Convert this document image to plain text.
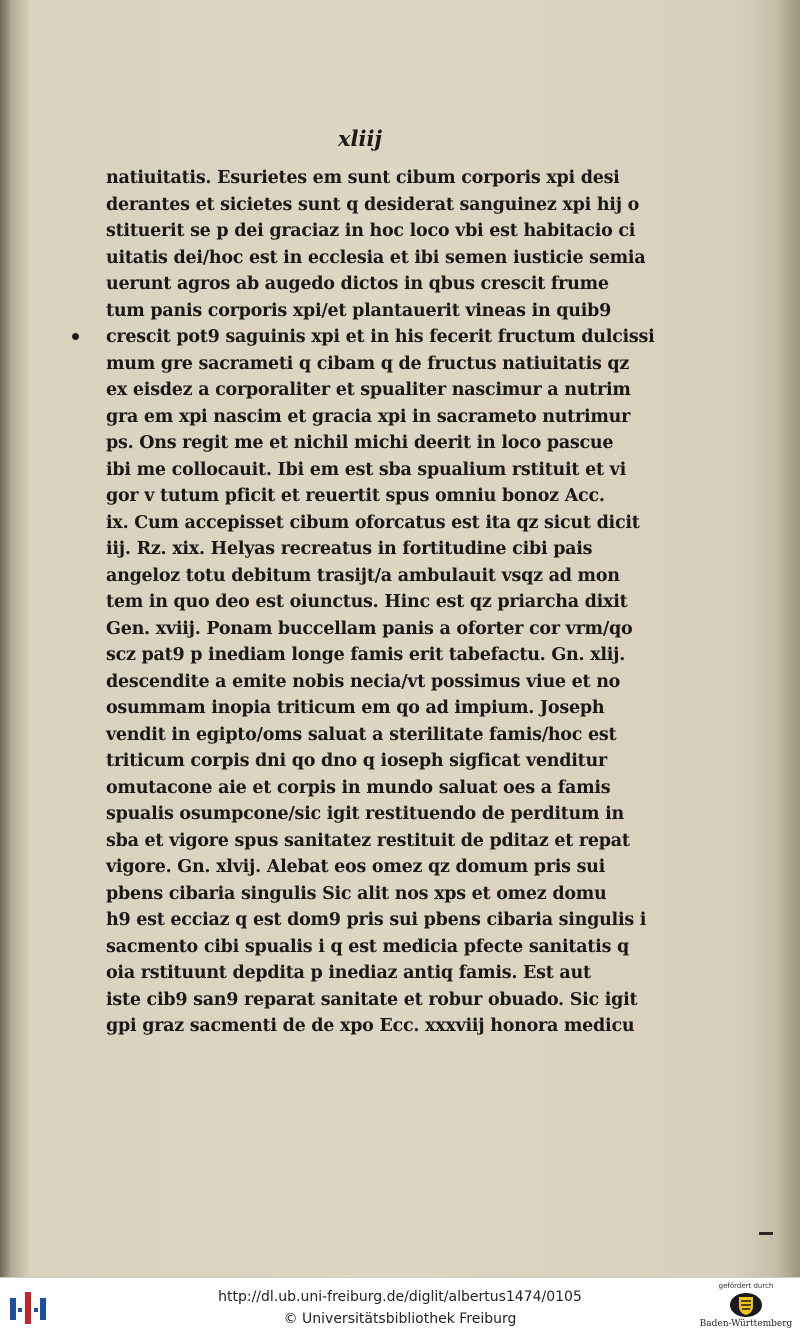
xliij
natiuitatis. Esurietes em sunt cibum corporis xpi desi
derantes et sicietes sunt q desiderat sanguinez xpi hij o
stituerit se p dei graciaz in hoc loco vbi est habitacio ci
uitatis dei/hoc est in ecclesia et ibi semen iusticie semia
uerunt agros ab augedo dictos in qbus crescit frume
tum panis corporis xpi/et plantauerit vineas in quib9
crescit pot9 saguinis xpi et in his fecerit fructum dulcissi
mum gre sacrameti q cibam q de fructus natiuitatis qz
ex eisdez a corporaliter et spualiter nascimur a nutrim
gra em xpi nascim et gracia xpi in sacrameto nutrimur
ps. Ons regit me et nichil michi deerit in loco pascue
ibi me collocauit. Ibi em est sba spualium rstituit et vi
gor v tutum pficit et reuertit spus omniu bonoz Acc.
ix. Cum accepisset cibum oforcatus est ita qz sicut dicit
iij. Rz. xix. Helyas recreatus in fortitudine cibi pais
angeloz totu debitum trasijt/a ambulauit vsqz ad mon
tem in quo deo est oiunctus. Hinc est qz priarcha dixit
Gen. xviij. Ponam buccellam panis a oforter cor vrm/qo
scz pat9 p inediam longe famis erit tabefactu. Gn. xlij.
descendite a emite nobis necia/vt possimus viue et no
osummam inopia triticum em qo ad impium. Joseph
vendit in egipto/oms saluat a sterilitate famis/hoc est
triticum corpis dni qo dno q ioseph sigficat venditur
omutacone aie et corpis in mundo saluat oes a famis
spualis osumpcone/sic igit restituendo de perditum in
sba et vigore spus sanitatez restituit de pditaz et repat
vigore. Gn. xlvij. Alebat eos omez qz domum pris sui
pbens cibaria singulis Sic alit nos xps et omez domu
h9 est ecciaz q est dom9 pris sui pbens cibaria singulis i
sacmento cibi spualis i q est medicia pfecte sanitatis q
oia rstituunt depdita p inediaz antiq famis. Est aut
iste cib9 san9 reparat sanitate et robur obuado. Sic igit
gpi graz sacmenti de de xpo Ecc. xxxviij honora medicu
http://dl.ub.uni-freiburg.de/diglit/albertus1474/0105
© Universitätsbibliothek Freiburg
gefördert durch
Baden-Württemberg
